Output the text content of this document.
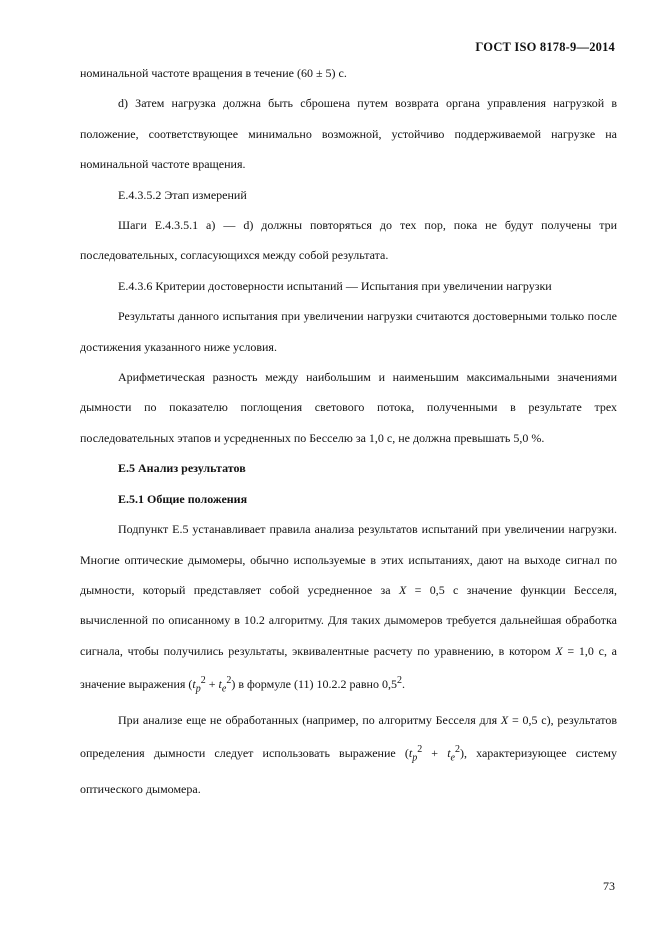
ГОСТ ISO 8178-9—2014

номинальной частоте вращения в течение (60 ± 5) с.

d) Затем нагрузка должна быть сброшена путем возврата органа управления нагрузкой в положение, соответствующее минимально возможной, устойчиво поддерживаемой нагрузке на номинальной частоте вращения.

Е.4.3.5.2 Этап измерений

Шаги Е.4.3.5.1 а) — d) должны повторяться до тех пор, пока не будут получены три последовательных, согласующихся между собой результата.

Е.4.3.6 Критерии достоверности испытаний — Испытания при увеличении нагрузки

Результаты данного испытания при увеличении нагрузки считаются достоверными только после достижения указанного ниже условия.

Арифметическая разность между наибольшим и наименьшим максимальными значениями дымности по показателю поглощения светового потока, полученными в результате трех последовательных этапов и усредненных по Бесселю за 1,0 с, не должна превышать 5,0 %.

Е.5 Анализ результатов

Е.5.1 Общие положения

Подпункт Е.5 устанавливает правила анализа результатов испытаний при увеличении нагрузки. Многие оптические дымомеры, обычно используемые в этих испытаниях, дают на выходе сигнал по дымности, который представляет собой усредненное за X = 0,5 с значение функции Бесселя, вычисленной по описанному в 10.2 алгоритму. Для таких дымомеров требуется дальнейшая обработка сигнала, чтобы получились результаты, эквивалентные расчету по уравнению, в котором X = 1,0 с, а значение выражения $(t_p^2 + t_e^2)$ в формуле (11) 10.2.2 равно $0,5^2$.

При анализе еще не обработанных (например, по алгоритму Бесселя для X = 0,5 с), результатов определения дымности следует использовать выражение $(t_p^2 + t_e^2)$, характеризующее систему оптического дымомера.

73
